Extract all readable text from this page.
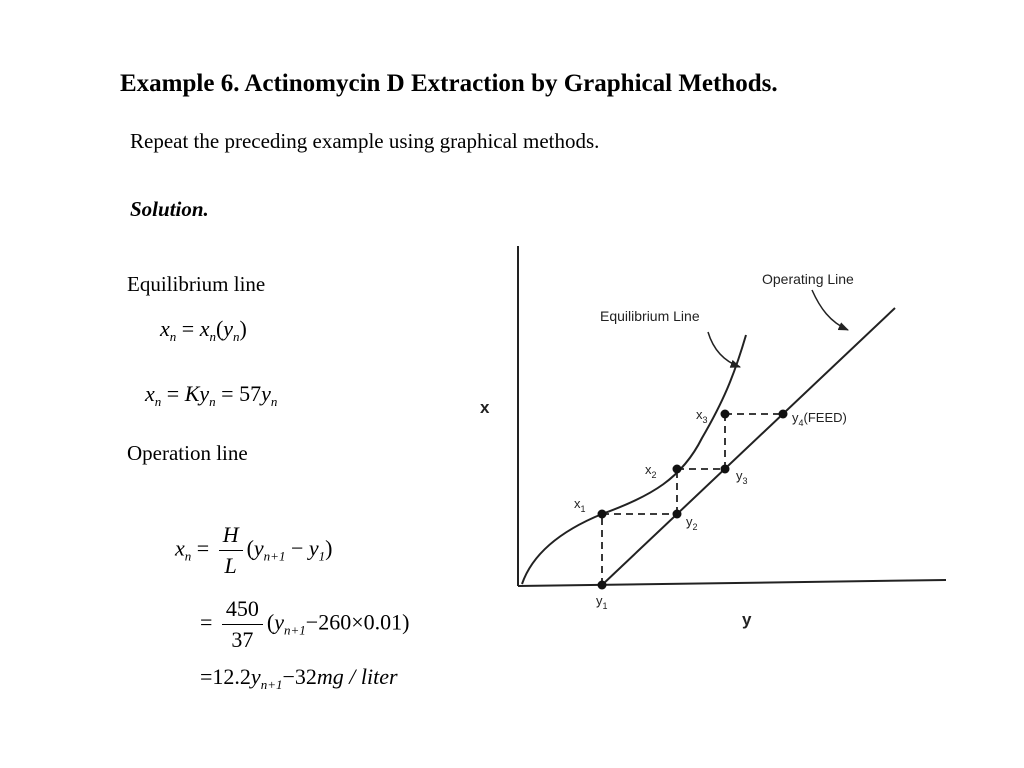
Example 6. Actinomycin D Extraction by Graphical Methods.
Repeat the preceding example using graphical methods.
Solution.
Equilibrium line
$x_n = x_n(y_n)$
$x_n = Ky_n = 57y_n$
Operation line
$x_n = \frac{H}{L} (y_{n+1} - y_1)$
= $\frac{450}{37} (y_{n+1}-260\times 0.01)$
$=12.2y_{n+1}-32mg$ / liter
Equilibrium Line
Operating Line
x
y
$x_1$
$x_2$
$x_3$
$y_1$
$y_2$
$y_3$
$y_4(FEED)$
